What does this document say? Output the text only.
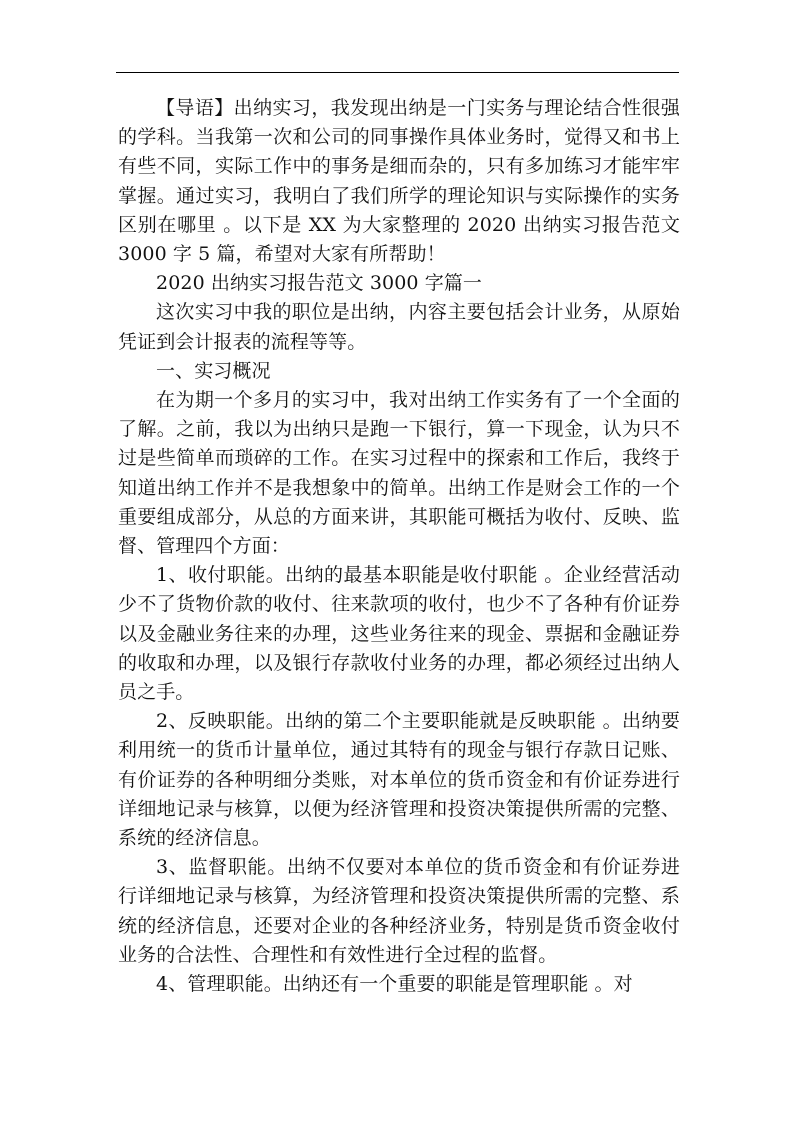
【导语】出纳实习，我发现出纳是一门实务与理论结合性很强的学科。当我第一次和公司的同事操作具体业务时，觉得又和书上有些不同，实际工作中的事务是细而杂的，只有多加练习才能牢牢掌握。通过实习，我明白了我们所学的理论知识与实际操作的实务区别在哪里 。以下是 XX 为大家整理的 2020 出纳实习报告范文 3000 字 5 篇，希望对大家有所帮助！

2020 出纳实习报告范文 3000 字篇一

这次实习中我的职位是出纳，内容主要包括会计业务，从原始凭证到会计报表的流程等等。

一、实习概况

在为期一个多月的实习中，我对出纳工作实务有了一个全面的了解。之前，我以为出纳只是跑一下银行，算一下现金，认为只不过是些简单而琐碎的工作。在实习过程中的探索和工作后，我终于知道出纳工作并不是我想象中的简单。出纳工作是财会工作的一个重要组成部分，从总的方面来讲，其职能可概括为收付、反映、监督、管理四个方面：

1、收付职能。出纳的最基本职能是收付职能 。企业经营活动少不了货物价款的收付、往来款项的收付，也少不了各种有价证券以及金融业务往来的办理，这些业务往来的现金、票据和金融证券的收取和办理，以及银行存款收付业务的办理，都必须经过出纳人员之手。

2、反映职能。出纳的第二个主要职能就是反映职能 。出纳要利用统一的货币计量单位，通过其特有的现金与银行存款日记账、有价证券的各种明细分类账，对本单位的货币资金和有价证券进行详细地记录与核算，以便为经济管理和投资决策提供所需的完整、系统的经济信息。

3、监督职能。出纳不仅要对本单位的货币资金和有价证券进行详细地记录与核算，为经济管理和投资决策提供所需的完整、系统的经济信息，还要对企业的各种经济业务，特别是货币资金收付业务的合法性、合理性和有效性进行全过程的监督。

4、管理职能。出纳还有一个重要的职能是管理职能 。对
